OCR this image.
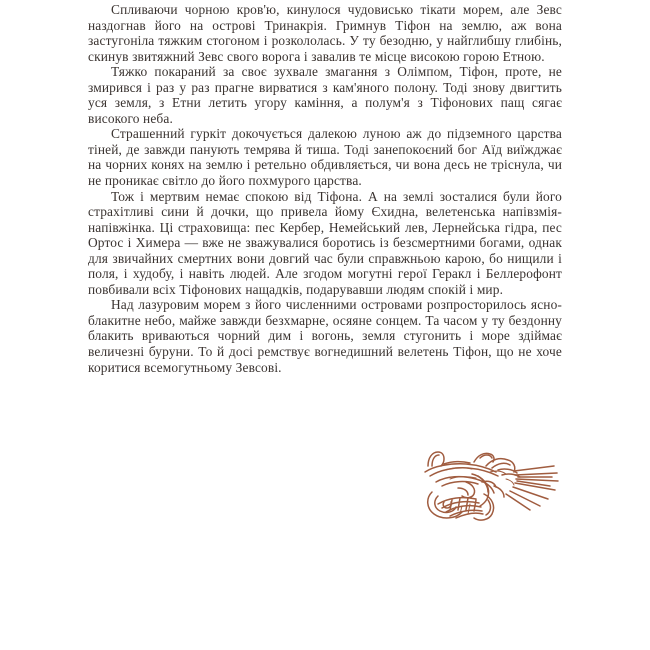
Спливаючи чорною кров'ю, кинулося чудовисько тікати морем, але Зевс наздогнав його на острові Тринакрія. Гримнув Тіфон на землю, аж вона застугоніла тяжким стогоном і розкололась. У ту безодню, у найглибшу глибінь, скинув звитяжний Зевс свого ворога і завалив те місце високою горою Етною.

Тяжко покараний за своє зухвале змагання з Олімпом, Тіфон, проте, не змирився і раз у раз прагне вирватися з кам'яного полону. Тоді знову двигтить уся земля, з Етни летить угору каміння, а полум'я з Тіфонових пащ сягає високого неба.

Страшенний гуркіт докочується далекою луною аж до підземного царства тіней, де завжди панують темрява й тиша. Тоді занепокоєний бог Аїд виїжджає на чорних конях на землю і ретельно обдивляється, чи вона десь не тріснула, чи не проникає світло до його похмурого царства.

Тож і мертвим немає спокою від Тіфона. А на землі зосталися були його страхітливі сини й дочки, що привела йому Єхидна, велетенська напівзмія-напівжінка. Ці страховища: пес Кербер, Немейський лев, Лернейська гідра, пес Ортос і Химера — вже не зважувалися боротись із безсмертними богами, однак для звичайних смертних вони довгий час були справжньою карою, бо нищили і поля, і худобу, і навіть людей. Але згодом могутні герої Геракл і Беллерофонт повбивали всіх Тіфонових нащадків, подарувавши людям спокій і мир.

Над лазуровим морем з його численними островами розпросторилось ясно-блакитне небо, майже завжди безхмарне, осяяне сонцем. Та часом у ту бездонну блакить вриваються чорний дим і вогонь, земля стугонить і море здіймає величезні буруни. То й досі ремствує вогнедишний велетень Тіфон, що не хоче коритися всемогутньому Зевсові.
